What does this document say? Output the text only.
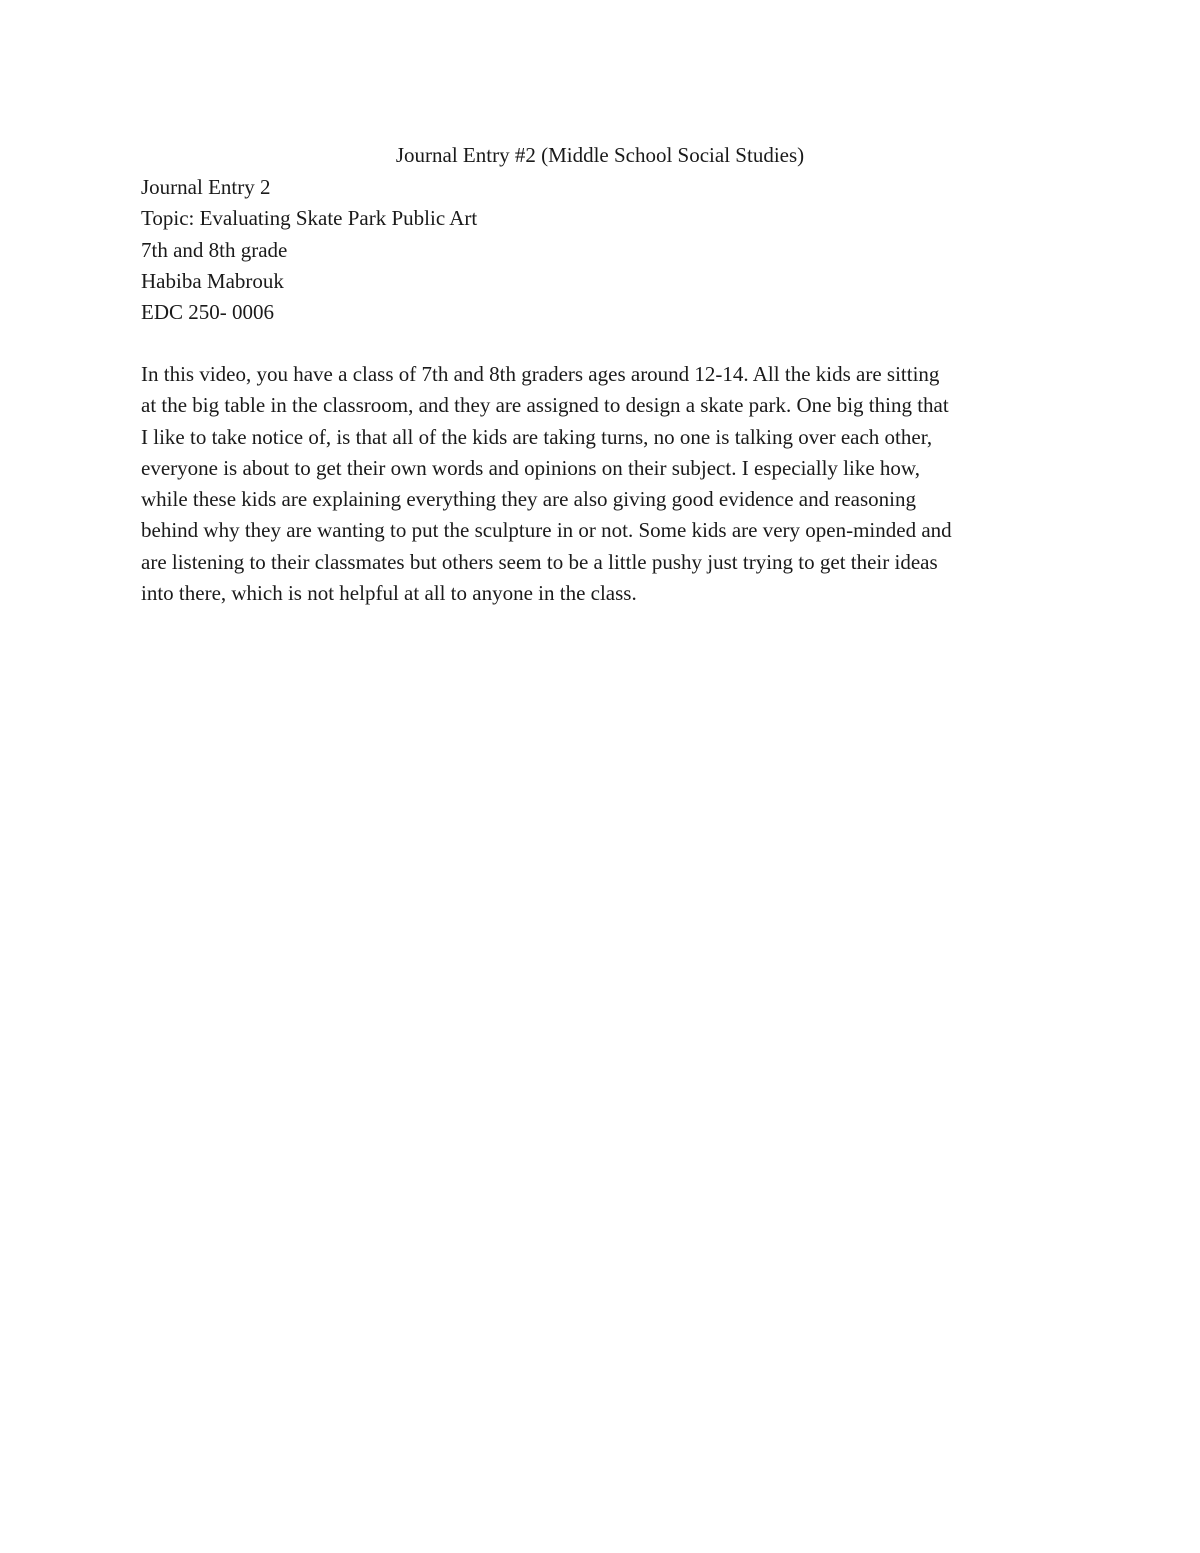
Journal Entry #2 (Middle School Social Studies)
Journal Entry 2
Topic: Evaluating Skate Park Public Art
7th and 8th grade
Habiba Mabrouk
EDC 250- 0006

In this video, you have a class of 7th and 8th graders ages around 12-14. All the kids are sitting
at the big table in the classroom, and they are assigned to design a skate park. One big thing that
I like to take notice of, is that all of the kids are taking turns, no one is talking over each other,
everyone is about to get their own words and opinions on their subject. I especially like how,
while these kids are explaining everything they are also giving good evidence and reasoning
behind why they are wanting to put the sculpture in or not. Some kids are very open-minded and
are listening to their classmates but others seem to be a little pushy just trying to get their ideas
into there, which is not helpful at all to anyone in the class.
